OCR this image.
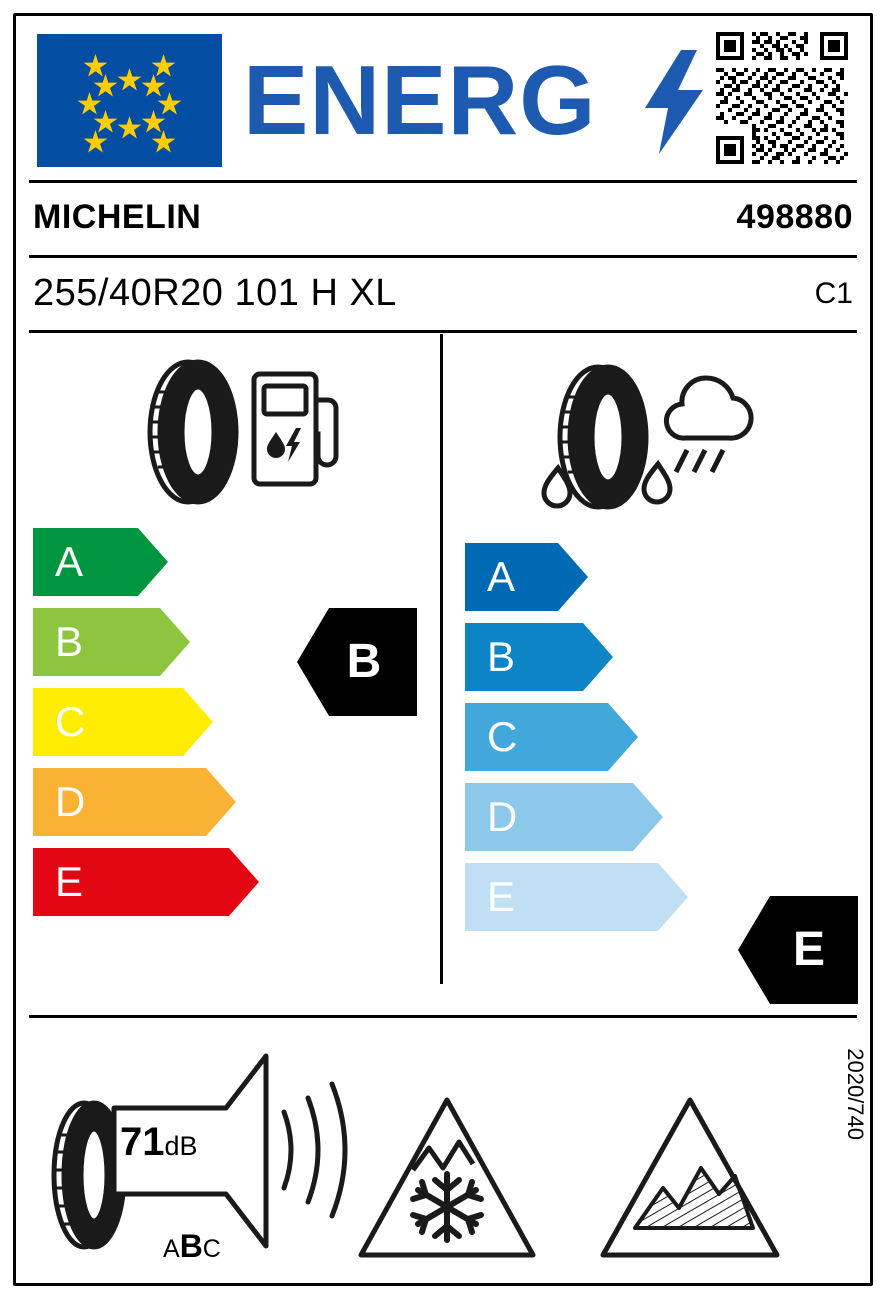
ENERG
MICHELIN	498880
255/40R20 101 H XL	C1
A
B
C
D
E
A
B
C
D
E
B
E
71dB
ABC
2020/740
